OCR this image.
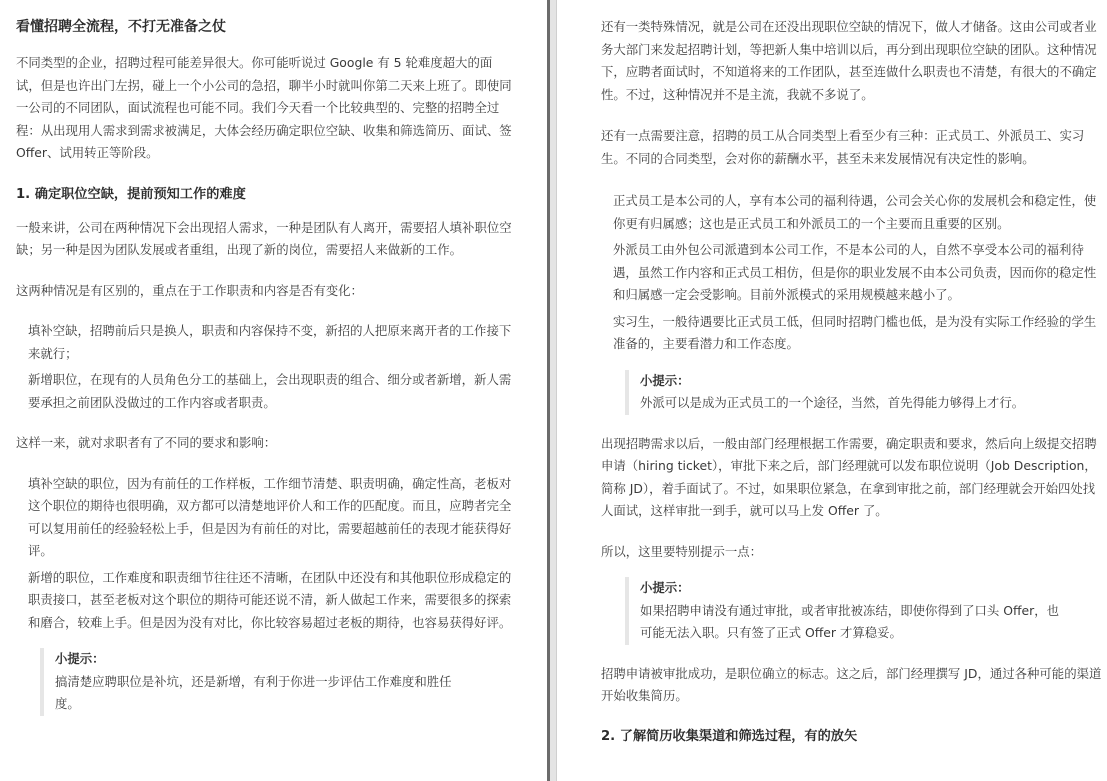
看懂招聘全流程，不打无准备之仗

不同类型的企业，招聘过程可能差异很大。你可能听说过 Google 有 5 轮难度超大的面试，但是也许出门左拐，碰上一个小公司的急招，聊半小时就叫你第二天来上班了。即使同一公司的不同团队，面试流程也可能不同。我们今天看一个比较典型的、完整的招聘全过程：从出现用人需求到需求被满足，大体会经历确定职位空缺、收集和筛选简历、面试、签 Offer、试用转正等阶段。

1. 确定职位空缺，提前预知工作的难度

一般来讲，公司在两种情况下会出现招人需求，一种是团队有人离开，需要招人填补职位空缺；另一种是因为团队发展或者重组，出现了新的岗位，需要招人来做新的工作。

这两种情况是有区别的，重点在于工作职责和内容是否有变化：

填补空缺，招聘前后只是换人，职责和内容保持不变，新招的人把原来离开者的工作接下来就行；

新增职位，在现有的人员角色分工的基础上，会出现职责的组合、细分或者新增，新人需要承担之前团队没做过的工作内容或者职责。

这样一来，就对求职者有了不同的要求和影响：

填补空缺的职位，因为有前任的工作样板，工作细节清楚、职责明确，确定性高，老板对这个职位的期待也很明确，双方都可以清楚地评价人和工作的匹配度。而且，应聘者完全可以复用前任的经验轻松上手，但是因为有前任的对比，需要超越前任的表现才能获得好评。

新增的职位，工作难度和职责细节往往还不清晰，在团队中还没有和其他职位形成稳定的职责接口，甚至老板对这个职位的期待可能还说不清，新人做起工作来，需要很多的探索和磨合，较难上手。但是因为没有对比，你比较容易超过老板的期待，也容易获得好评。

小提示：

搞清楚应聘职位是补坑，还是新增，有利于你进一步评估工作难度和胜任度。

还有一类特殊情况，就是公司在还没出现职位空缺的情况下，做人才储备。这由公司或者业务大部门来发起招聘计划，等把新人集中培训以后，再分到出现职位空缺的团队。这种情况下，应聘者面试时，不知道将来的工作团队，甚至连做什么职责也不清楚，有很大的不确定性。不过，这种情况并不是主流，我就不多说了。

还有一点需要注意，招聘的员工从合同类型上看至少有三种：正式员工、外派员工、实习生。不同的合同类型，会对你的薪酬水平，甚至未来发展情况有决定性的影响。

正式员工是本公司的人，享有本公司的福利待遇，公司会关心你的发展机会和稳定性，使你更有归属感；这也是正式员工和外派员工的一个主要而且重要的区别。

外派员工由外包公司派遣到本公司工作，不是本公司的人，自然不享受本公司的福利待遇，虽然工作内容和正式员工相仿，但是你的职业发展不由本公司负责，因而你的稳定性和归属感一定会受影响。目前外派模式的采用规模越来越小了。

实习生，一般待遇要比正式员工低，但同时招聘门槛也低，是为没有实际工作经验的学生准备的，主要看潜力和工作态度。

小提示：

外派可以是成为正式员工的一个途径，当然，首先得能力够得上才行。

出现招聘需求以后，一般由部门经理根据工作需要，确定职责和要求，然后向上级提交招聘申请（hiring ticket），审批下来之后，部门经理就可以发布职位说明（Job Description，简称 JD），着手面试了。不过，如果职位紧急，在拿到审批之前，部门经理就会开始四处找人面试，这样审批一到手，就可以马上发 Offer 了。

所以，这里要特别提示一点：

小提示：

如果招聘申请没有通过审批，或者审批被冻结，即使你得到了口头 Offer，也可能无法入职。只有签了正式 Offer 才算稳妥。

招聘申请被审批成功，是职位确立的标志。这之后，部门经理撰写 JD，通过各种可能的渠道开始收集简历。

2. 了解简历收集渠道和筛选过程，有的放矢
